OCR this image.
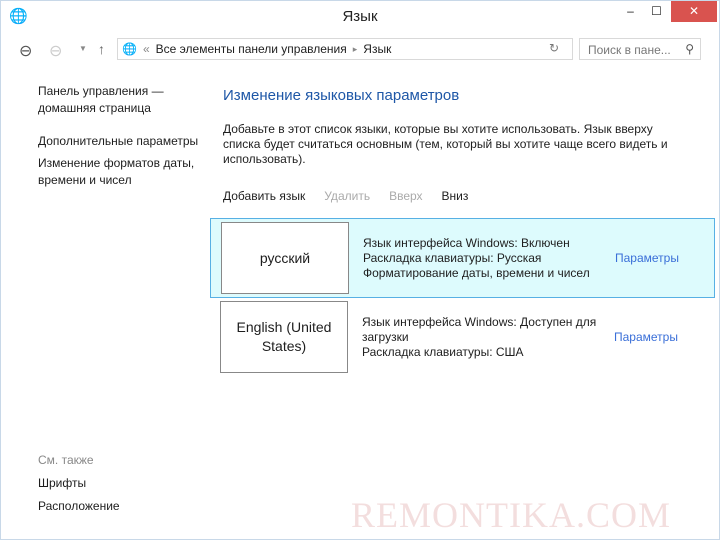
🌐	Язык	‒	☐	✕
⊖ ⊖ ▼ ↑ 🌐 « Все элементы панели управления ▸ Язык	↻	Поиск в пане... ⚲
Панель управления — домашняя страница
Дополнительные параметры
Изменение форматов даты, времени и чисел
См. также
Шрифты
Расположение
Изменение языковых параметров
Добавьте в этот список языки, которые вы хотите использовать. Язык вверху списка будет считаться основным (тем, который вы хотите чаще всего видеть и использовать).
Добавить язык Удалить Вверх Вниз
русский
Язык интерфейса Windows: Включен
Раскладка клавиатуры: Русская
Форматирование даты, времени и чисел
Параметры
English (United States)
Язык интерфейса Windows: Доступен для загрузки
Раскладка клавиатуры: США
Параметры
REMONTIKA.COM
